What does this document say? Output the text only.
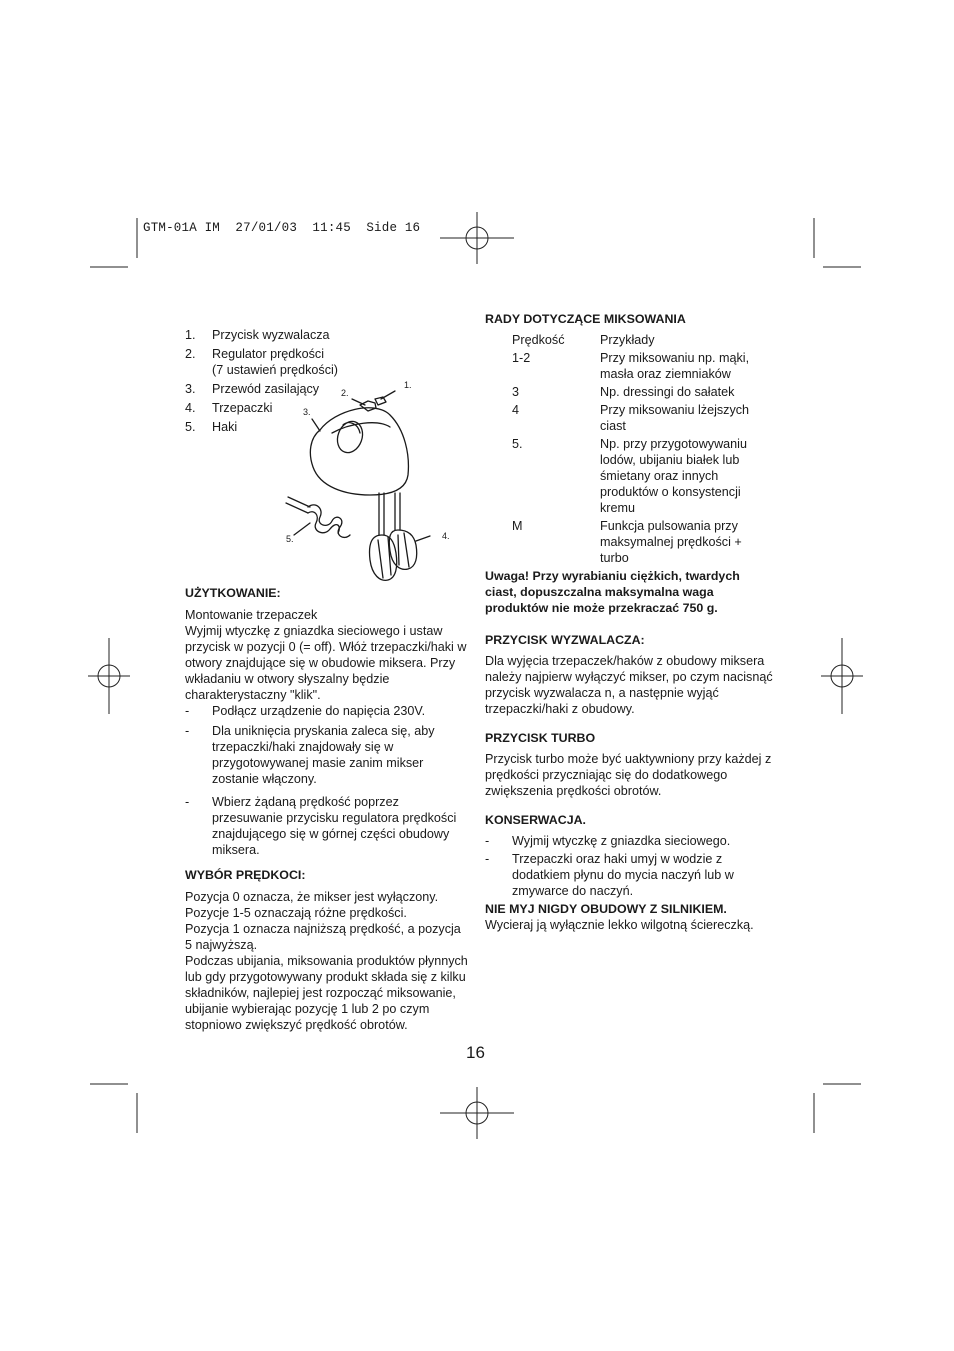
GTM-01A IM  27/01/03  11:45  Side 16
1.	Przycisk wyzwalacza
2.	Regulator prędkości
(7 ustawień prędkości)
3.	Przewód zasilający
4.	Trzepaczki
5.	Haki
1.
2.
3.
4.
5.
UŻYTKOWANIE:

Montowanie trzepaczek

Wyjmij wtyczkę z gniazdka sieciowego i ustaw przycisk w pozycji 0 (= off). Włóż trzepaczki/haki w otwory znajdujące się w obudowie miksera. Przy wkładaniu w otwory słyszalny będzie charakterystaczny "klik".

-	Podłącz urządzenie do napięcia 230V.
-	Dla uniknięcia pryskania zaleca się, aby trzepaczki/haki znajdowały się w przygotowywanej masie zanim mikser zostanie włączony.
-	Wbierz żądaną prędkość poprzez przesuwanie przycisku regulatora prędkości znajdującego się w górnej części obudowy miksera.
WYBÓR PRĘDKOCI:

Pozycja 0 oznacza, że mikser jest wyłączony.

Pozycje 1-5 oznaczają różne prędkości.

Pozycja 1 oznacza najniższą prędkość, a pozycja 5 najwyższą.

Podczas ubijania, miksowania produktów płynnych lub gdy przygotowywany produkt składa się z kilku składników, najlepiej jest rozpocząć miksowanie, ubijanie wybierając pozycję 1 lub 2 po czym stopniowo zwiększyć prędkość obrotów.

RADY DOTYCZĄCE MIKSOWANIA
Prędkość	Przykłady
1-2	Przy miksowaniu np. mąki, masła oraz ziemniaków
3	Np. dressingi do sałatek
4	Przy miksowaniu lżejszych ciast
5.	Np. przy przygotowywaniu lodów, ubijaniu białek lub śmietany oraz innych produktów o konsystencji kremu
M	Funkcja pulsowania przy maksymalnej prędkości + turbo

Uwaga! Przy wyrabianiu ciężkich, twardych ciast, dopuszczalna maksymalna waga produktów nie może przekraczać 750 g.

PRZYCISK WYZWALACZA:

Dla wyjęcia trzepaczek/haków z obudowy miksera należy najpierw wyłączyć mikser, po czym nacisnąć przycisk wyzwalacza n, a następnie wyjąć trzepaczki/haki z obudowy.

PRZYCISK TURBO

Przycisk turbo może być uaktywniony przy każdej z prędkości przyczniając się do dodatkowego zwiększenia prędkości obrotów.

KONSERWACJA.
-	Wyjmij wtyczkę z gniazdka sieciowego.
-	Trzepaczki oraz haki umyj w wodzie z dodatkiem płynu do mycia naczyń lub w zmywarce do naczyń.

NIE MYJ NIGDY OBUDOWY Z SILNIKIEM.

Wycieraj ją wyłącznie lekko wilgotną ściereczką.

16
